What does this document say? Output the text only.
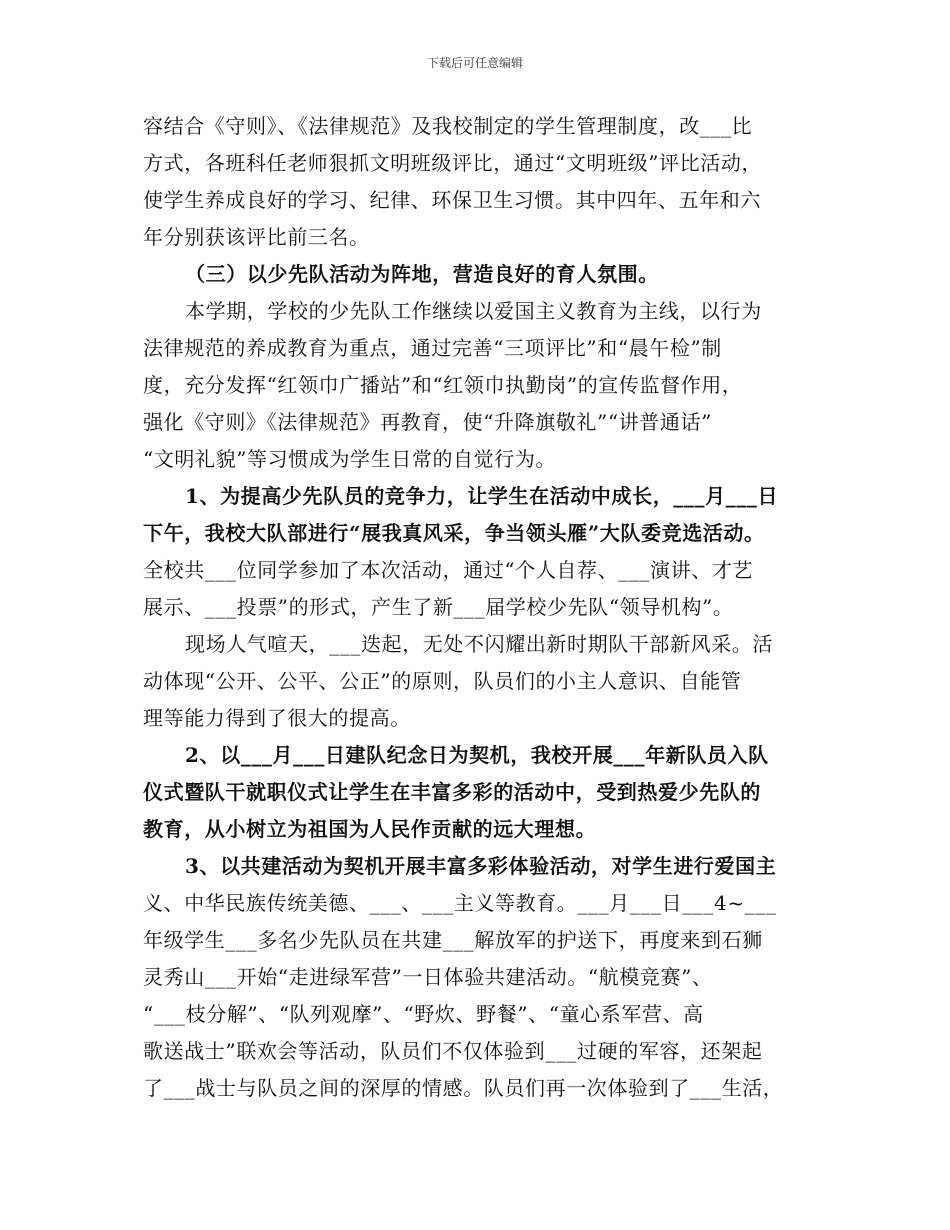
下载后可任意编辑
容结合《守则》、《法律规范》及我校制定的学生管理制度，改___比
方式，各班科任老师狠抓文明班级评比，通过“文明班级”评比活动，
使学生养成良好的学习、纪律、环保卫生习惯。其中四年、五年和六
年分别获该评比前三名。
（三）以少先队活动为阵地，营造良好的育人氛围。
本学期，学校的少先队工作继续以爱国主义教育为主线，以行为
法律规范的养成教育为重点，通过完善“三项评比”和“晨午检”制
度，充分发挥“红领巾广播站”和“红领巾执勤岗”的宣传监督作用，
强化《守则》《法律规范》再教育，使“升降旗敬礼”“讲普通话”
“文明礼貌”等习惯成为学生日常的自觉行为。
1、为提高少先队员的竞争力，让学生在活动中成长，___月___日
下午，我校大队部进行“展我真风采，争当领头雁”大队委竞选活动。
全校共___位同学参加了本次活动，通过“个人自荐、___演讲、才艺
展示、___投票”的形式，产生了新___届学校少先队“领导机构”。
现场人气喧天，___迭起，无处不闪耀出新时期队干部新风采。活
动体现“公开、公平、公正”的原则，队员们的小主人意识、自能管
理等能力得到了很大的提高。
2、以___月___日建队纪念日为契机，我校开展___年新队员入队
仪式暨队干就职仪式让学生在丰富多彩的活动中，受到热爱少先队的
教育，从小树立为祖国为人民作贡献的远大理想。
3、以共建活动为契机开展丰富多彩体验活动，对学生进行爱国主
义、中华民族传统美德、___、___主义等教育。___月___日___4~___
年级学生___多名少先队员在共建___解放军的护送下，再度来到石狮
灵秀山___开始“走进绿军营”一日体验共建活动。“航模竞赛”、
“___枝分解”、“队列观摩”、“野炊、野餐”、“童心系军营、高
歌送战士”联欢会等活动，队员们不仅体验到___过硬的军容，还架起
了___战士与队员之间的深厚的情感。队员们再一次体验到了___生活，
